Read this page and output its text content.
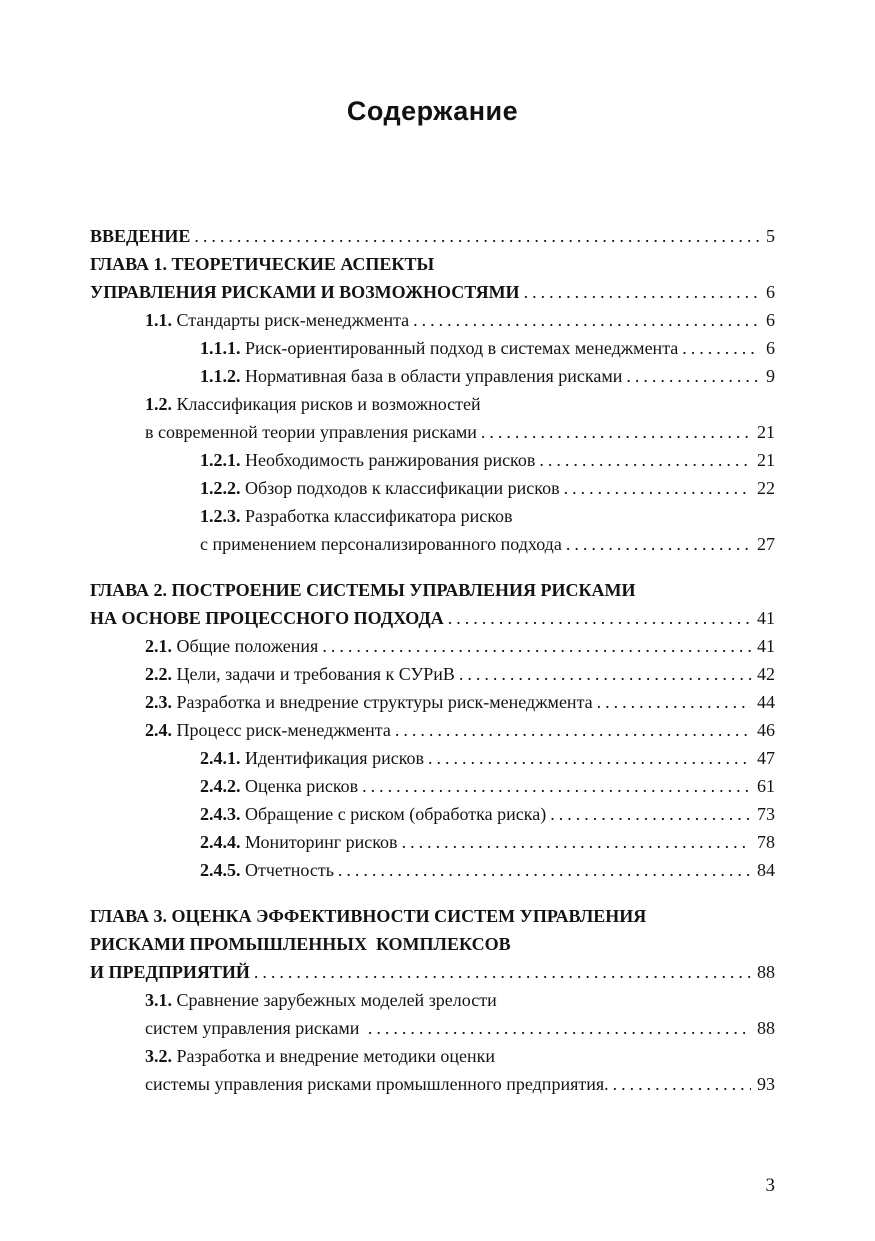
Содержание
ВВЕДЕНИЕ .....	5
ГЛАВА 1. ТЕОРЕТИЧЕСКИЕ АСПЕКТЫ
УПРАВЛЕНИЯ РИСКАМИ И ВОЗМОЖНОСТЯМИ .....	6
1.1. Стандарты риск-менеджмента .....	6
1.1.1. Риск-ориентированный подход в системах менеджмента .....	6
1.1.2. Нормативная база в области управления рисками .....	9
1.2. Классификация рисков и возможностей
в современной теории управления рисками .....	21
1.2.1. Необходимость ранжирования рисков .....	21
1.2.2. Обзор подходов к классификации рисков .....	22
1.2.3. Разработка классификатора рисков
с применением персонализированного подхода .....	27
ГЛАВА 2. ПОСТРОЕНИЕ СИСТЕМЫ УПРАВЛЕНИЯ РИСКАМИ
НА ОСНОВЕ ПРОЦЕССНОГО ПОДХОДА .....	41
2.1. Общие положения .....	41
2.2. Цели, задачи и требования к СУРиВ .....	42
2.3. Разработка и внедрение структуры риск-менеджмента .....	44
2.4. Процесс риск-менеджмента .....	46
2.4.1. Идентификация рисков .....	47
2.4.2. Оценка рисков .....	61
2.4.3. Обращение с риском (обработка риска) .....	73
2.4.4. Мониторинг рисков .....	78
2.4.5. Отчетность .....	84
ГЛАВА 3. ОЦЕНКА ЭФФЕКТИВНОСТИ СИСТЕМ УПРАВЛЕНИЯ
РИСКАМИ ПРОМЫШЛЕННЫХ  КОМПЛЕКСОВ
И ПРЕДПРИЯТИЙ .....	88
3.1. Сравнение зарубежных моделей зрелости
систем управления рисками .....	88
3.2. Разработка и внедрение методики оценки
системы управления рисками промышленного предприятия. .....	93
3
